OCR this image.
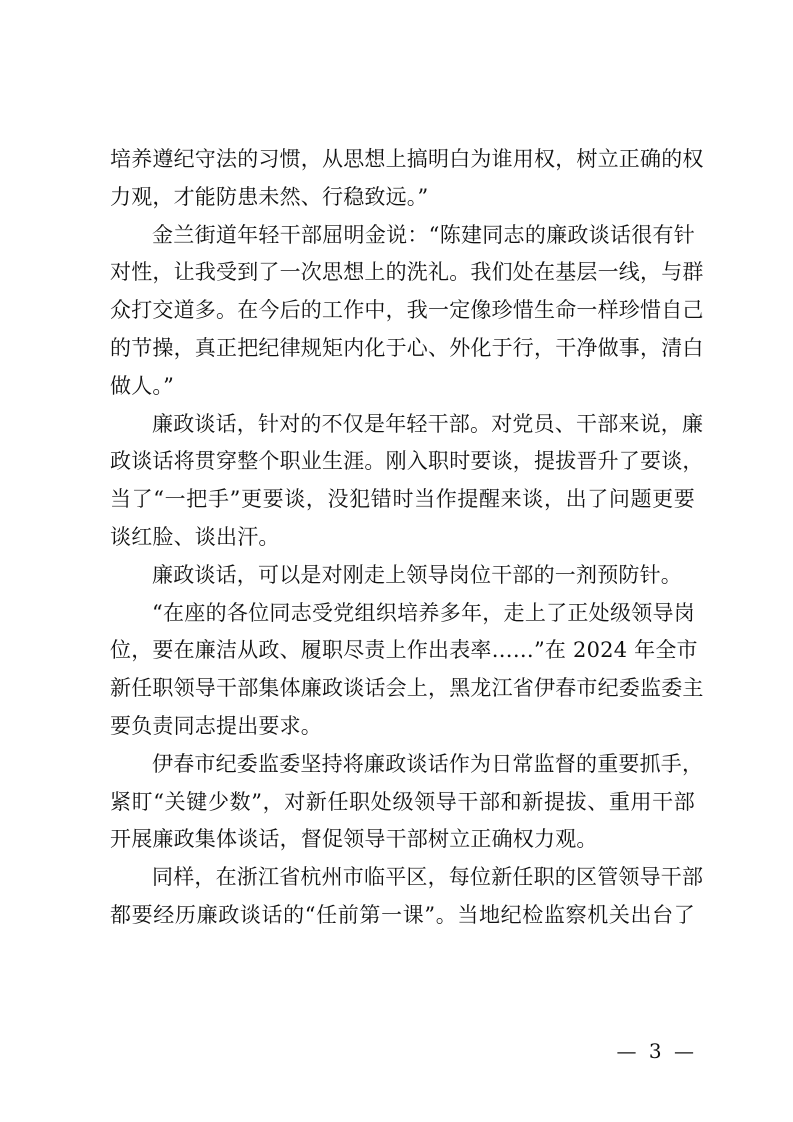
培养遵纪守法的习惯，从思想上搞明白为谁用权，树立正确的权
力观，才能防患未然、行稳致远。”
金兰街道年轻干部屈明金说：“陈建同志的廉政谈话很有针
对性，让我受到了一次思想上的洗礼。我们处在基层一线，与群
众打交道多。在今后的工作中，我一定像珍惜生命一样珍惜自己
的节操，真正把纪律规矩内化于心、外化于行，干净做事，清白
做人。”
廉政谈话，针对的不仅是年轻干部。对党员、干部来说，廉
政谈话将贯穿整个职业生涯。刚入职时要谈，提拔晋升了要谈，
当了“一把手”更要谈，没犯错时当作提醒来谈，出了问题更要
谈红脸、谈出汗。
廉政谈话，可以是对刚走上领导岗位干部的一剂预防针。
“在座的各位同志受党组织培养多年，走上了正处级领导岗
位，要在廉洁从政、履职尽责上作出表率……”在 2024 年全市
新任职领导干部集体廉政谈话会上，黑龙江省伊春市纪委监委主
要负责同志提出要求。
伊春市纪委监委坚持将廉政谈话作为日常监督的重要抓手，
紧盯“关键少数”，对新任职处级领导干部和新提拔、重用干部
开展廉政集体谈话，督促领导干部树立正确权力观。
同样，在浙江省杭州市临平区，每位新任职的区管领导干部
都要经历廉政谈话的“任前第一课”。当地纪检监察机关出台了
— 3 —
